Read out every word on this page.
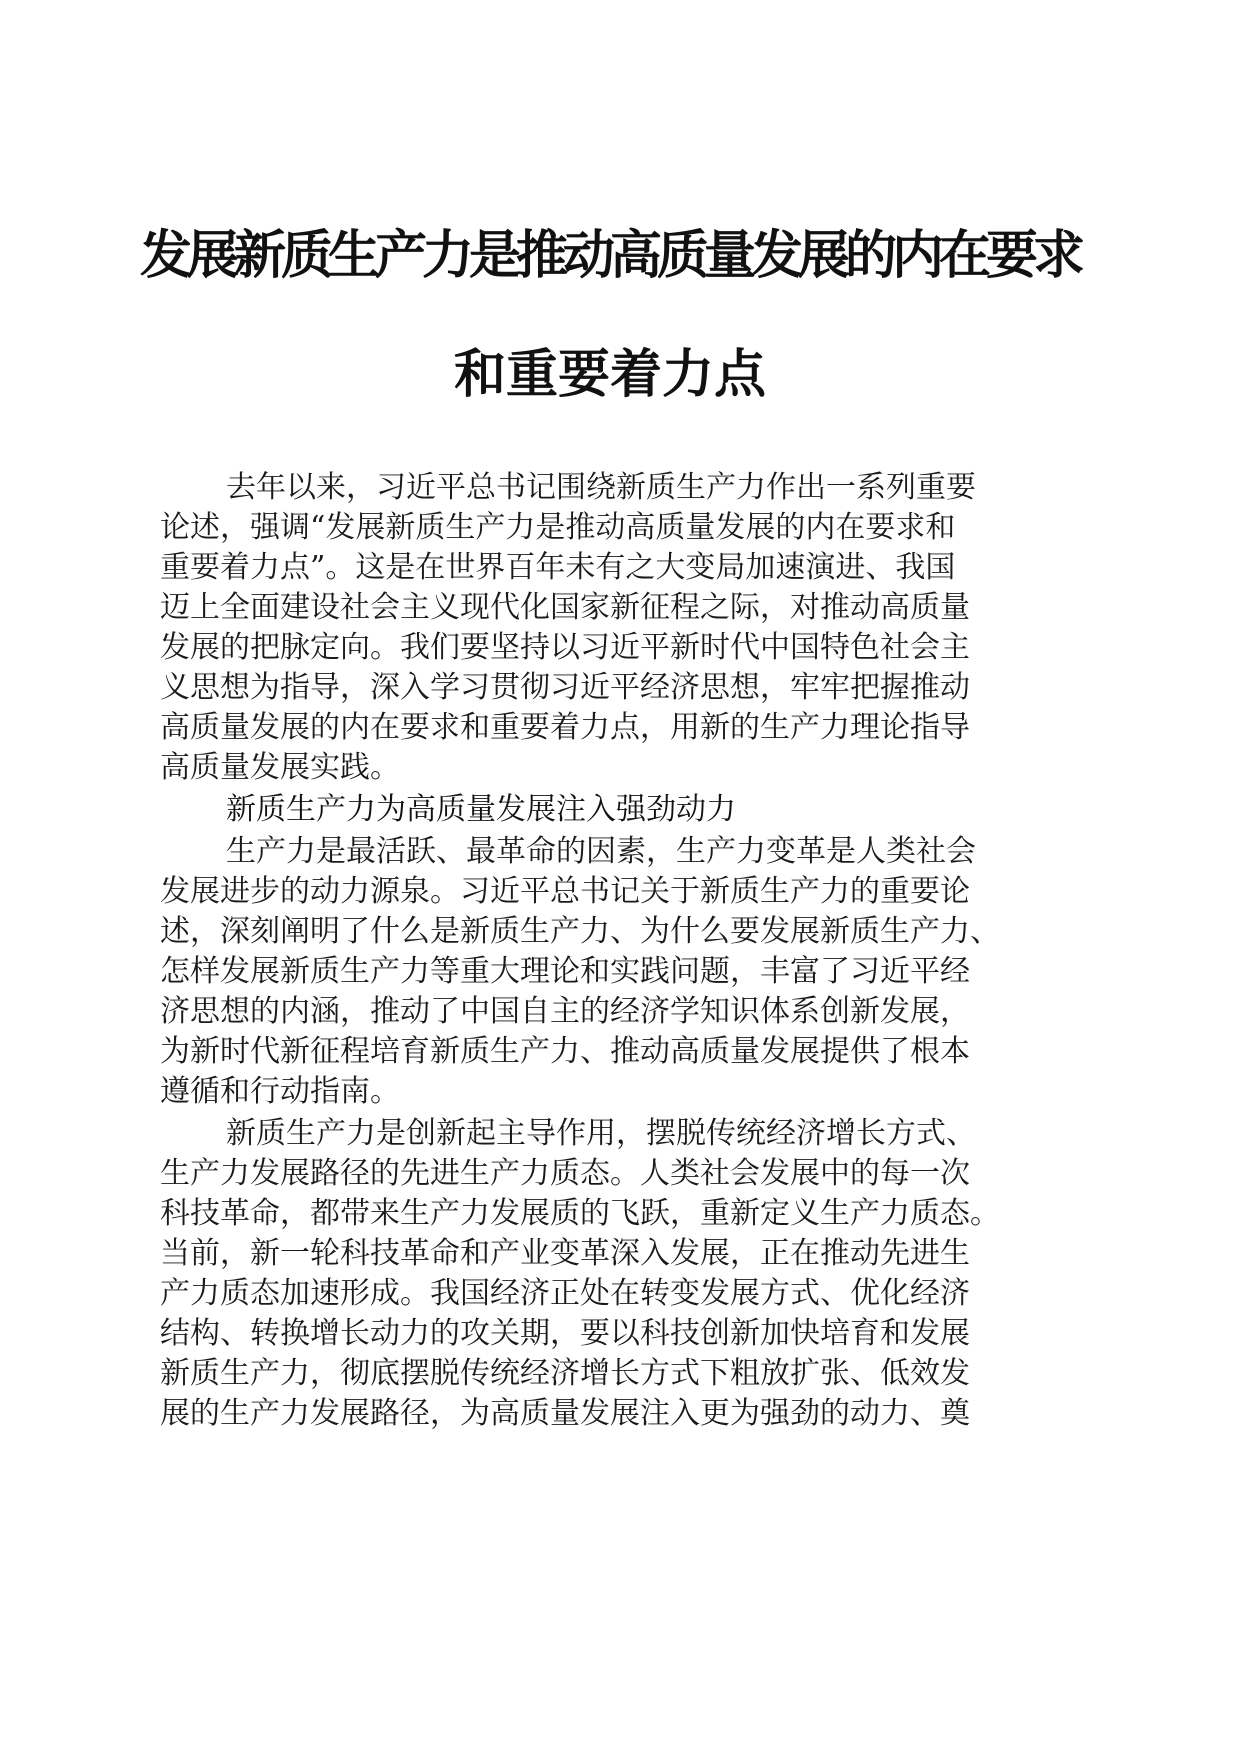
发展新质生产力是推动高质量发展的内在要求
和重要着力点
去年以来，习近平总书记围绕新质生产力作出一系列重要
论述，强调“发展新质生产力是推动高质量发展的内在要求和
重要着力点”。这是在世界百年未有之大变局加速演进、我国
迈上全面建设社会主义现代化国家新征程之际，对推动高质量
发展的把脉定向。我们要坚持以习近平新时代中国特色社会主
义思想为指导，深入学习贯彻习近平经济思想，牢牢把握推动
高质量发展的内在要求和重要着力点，用新的生产力理论指导
高质量发展实践。
新质生产力为高质量发展注入强劲动力
生产力是最活跃、最革命的因素，生产力变革是人类社会
发展进步的动力源泉。习近平总书记关于新质生产力的重要论
述，深刻阐明了什么是新质生产力、为什么要发展新质生产力、
怎样发展新质生产力等重大理论和实践问题，丰富了习近平经
济思想的内涵，推动了中国自主的经济学知识体系创新发展，
为新时代新征程培育新质生产力、推动高质量发展提供了根本
遵循和行动指南。
新质生产力是创新起主导作用，摆脱传统经济增长方式、
生产力发展路径的先进生产力质态。人类社会发展中的每一次
科技革命，都带来生产力发展质的飞跃，重新定义生产力质态。
当前，新一轮科技革命和产业变革深入发展，正在推动先进生
产力质态加速形成。我国经济正处在转变发展方式、优化经济
结构、转换增长动力的攻关期，要以科技创新加快培育和发展
新质生产力，彻底摆脱传统经济增长方式下粗放扩张、低效发
展的生产力发展路径，为高质量发展注入更为强劲的动力、奠
